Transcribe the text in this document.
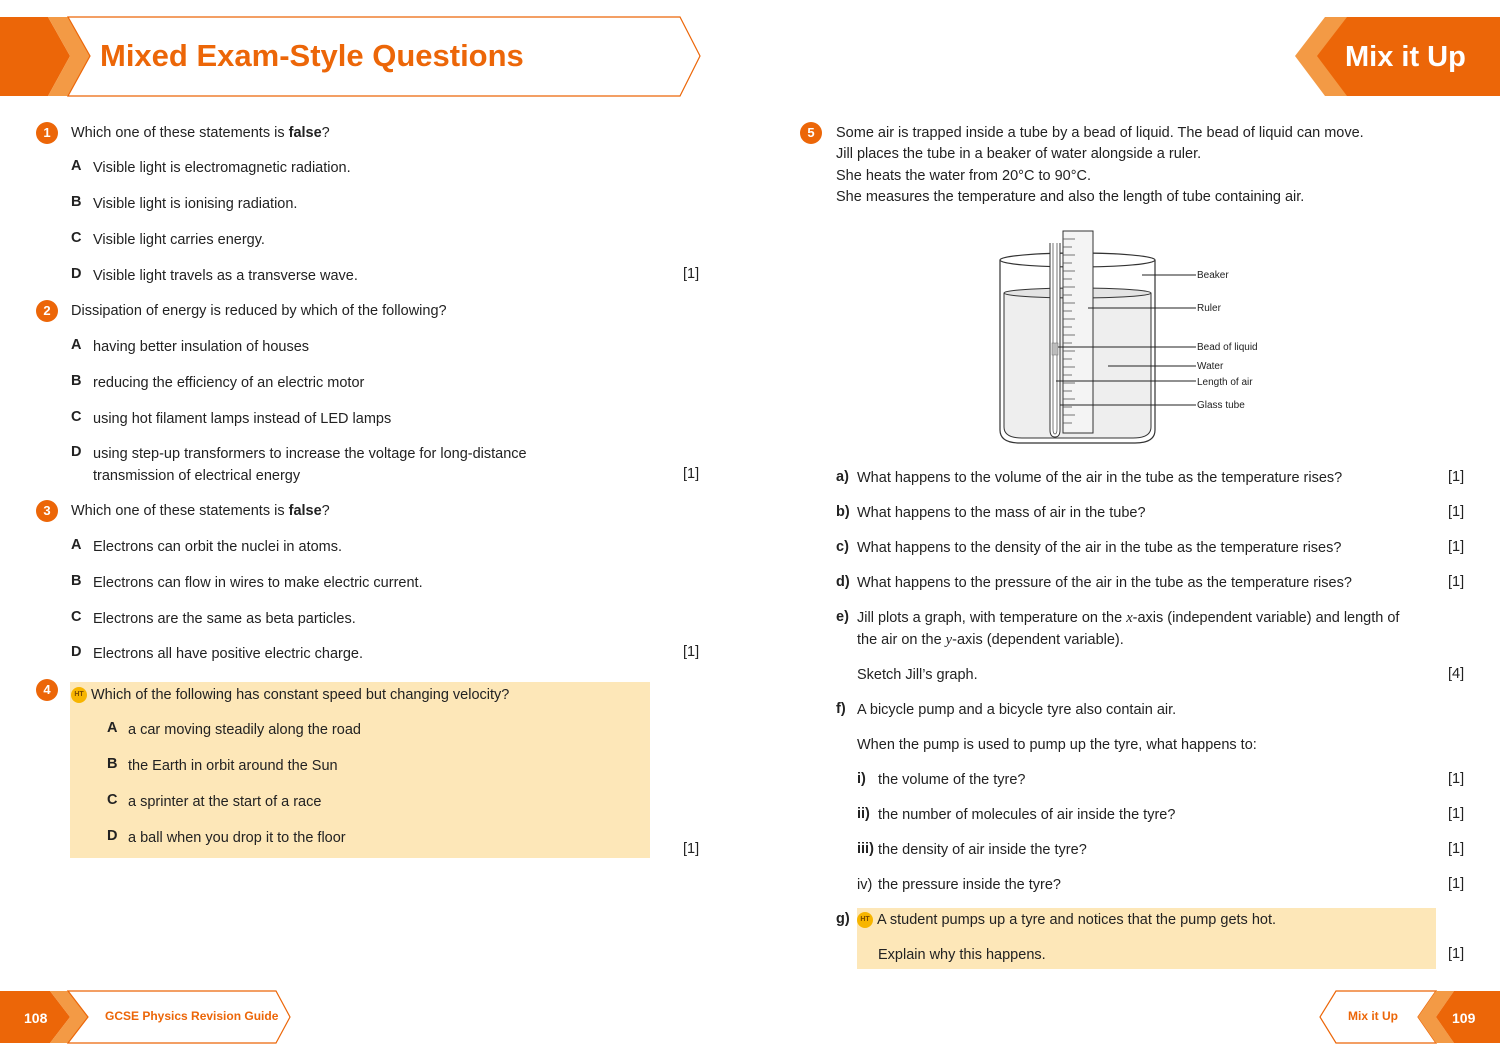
Mixed Exam-Style Questions	Mix it Up
1	Which one of these statements is false?
A Visible light is electromagnetic radiation.
B Visible light is ionising radiation.
C Visible light carries energy.
D Visible light travels as a transverse wave.	[1]
2	Dissipation of energy is reduced by which of the following?
A having better insulation of houses
B reducing the efficiency of an electric motor
C using hot filament lamps instead of LED lamps
D using step-up transformers to increase the voltage for long-distance
transmission of electrical energy	[1]
3	Which one of these statements is false?
A Electrons can orbit the nuclei in atoms.
B Electrons can flow in wires to make electric current.
C Electrons are the same as beta particles.
D Electrons all have positive electric charge.	[1]
4	HT Which of the following has constant speed but changing velocity?
A a car moving steadily along the road
B the Earth in orbit around the Sun
C a sprinter at the start of a race
D a ball when you drop it to the floor
[1]
5	Some air is trapped inside a tube by a bead of liquid. The bead of liquid can move.
Jill places the tube in a beaker of water alongside a ruler.
She heats the water from 20°C to 90°C.
She measures the temperature and also the length of tube containing air.
Beaker
Ruler
Bead of liquid
Water
Length of air
Glass tube
a) What happens to the volume of the air in the tube as the temperature rises?	[1]
b) What happens to the mass of air in the tube?	[1]
c) What happens to the density of the air in the tube as the temperature rises?	[1]
d) What happens to the pressure of the air in the tube as the temperature rises?	[1]
e) Jill plots a graph, with temperature on the x-axis (independent variable) and length of
the air on the y-axis (dependent variable).
Sketch Jill’s graph.	[4]
f) A bicycle pump and a bicycle tyre also contain air.
When the pump is used to pump up the tyre, what happens to:
i) the volume of the tyre?	[1]
ii) the number of molecules of air inside the tyre?	[1]
iii) the density of air inside the tyre?	[1]
iv) the pressure inside the tyre?	[1]
g)	HT A student pumps up a tyre and notices that the pump gets hot.
Explain why this happens.	[1]
108	GCSE Physics Revision Guide	Mix it Up	109
